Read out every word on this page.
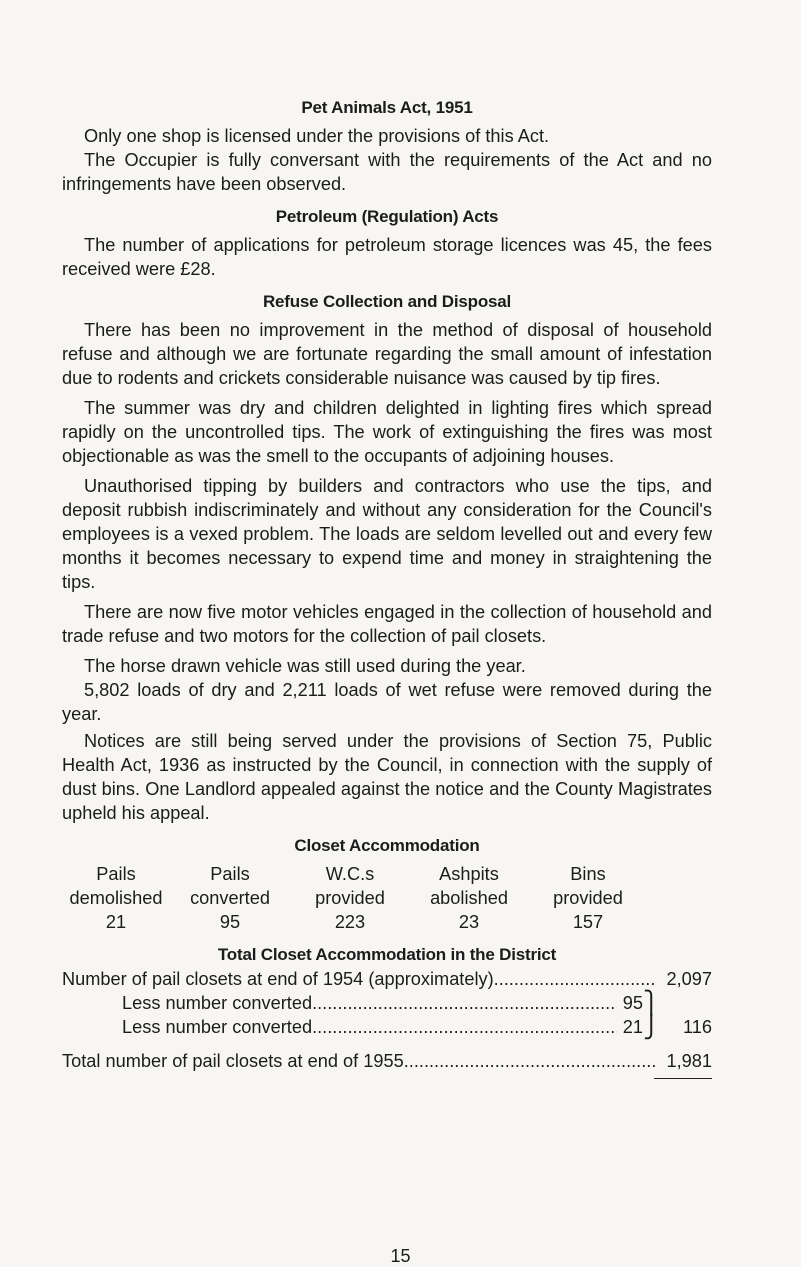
Pet Animals Act, 1951

Only one shop is licensed under the provisions of this Act.

The Occupier is fully conversant with the requirements of the Act and no infringements have been observed.

Petroleum (Regulation) Acts

The number of applications for petroleum storage licences was 45, the fees received were £28.

Refuse Collection and Disposal

There has been no improvement in the method of disposal of household refuse and although we are fortunate regarding the small amount of infestation due to rodents and crickets considerable nuisance was caused by tip fires.

The summer was dry and children delighted in lighting fires which spread rapidly on the uncontrolled tips. The work of extinguishing the fires was most objectionable as was the smell to the occupants of adjoining houses.

Unauthorised tipping by builders and contractors who use the tips, and deposit rubbish indiscriminately and without any consideration for the Council's employees is a vexed problem. The loads are seldom levelled out and every few months it becomes necessary to expend time and money in straightening the tips.

There are now five motor vehicles engaged in the collection of household and trade refuse and two motors for the collection of pail closets.

The horse drawn vehicle was still used during the year.

5,802 loads of dry and 2,211 loads of wet refuse were removed during the year.

Notices are still being served under the provisions of Section 75, Public Health Act, 1936 as instructed by the Council, in connection with the supply of dust bins. One Landlord appealed against the notice and the County Magistrates upheld his appeal.

Closet Accommodation
Pails	Pails	W.C.s	Ashpits	Bins
demolished	converted	provided	abolished	provided
21	95	223	23	157
Total Closet Accommodation in the District
Number of pail closets at end of 1954 (approximately) .....	2,097
Less number converted .....	95 ⎫
Less number converted .....	21 ⎭	116
Total number of pail closets at end of 1955 .....	1,981
15
